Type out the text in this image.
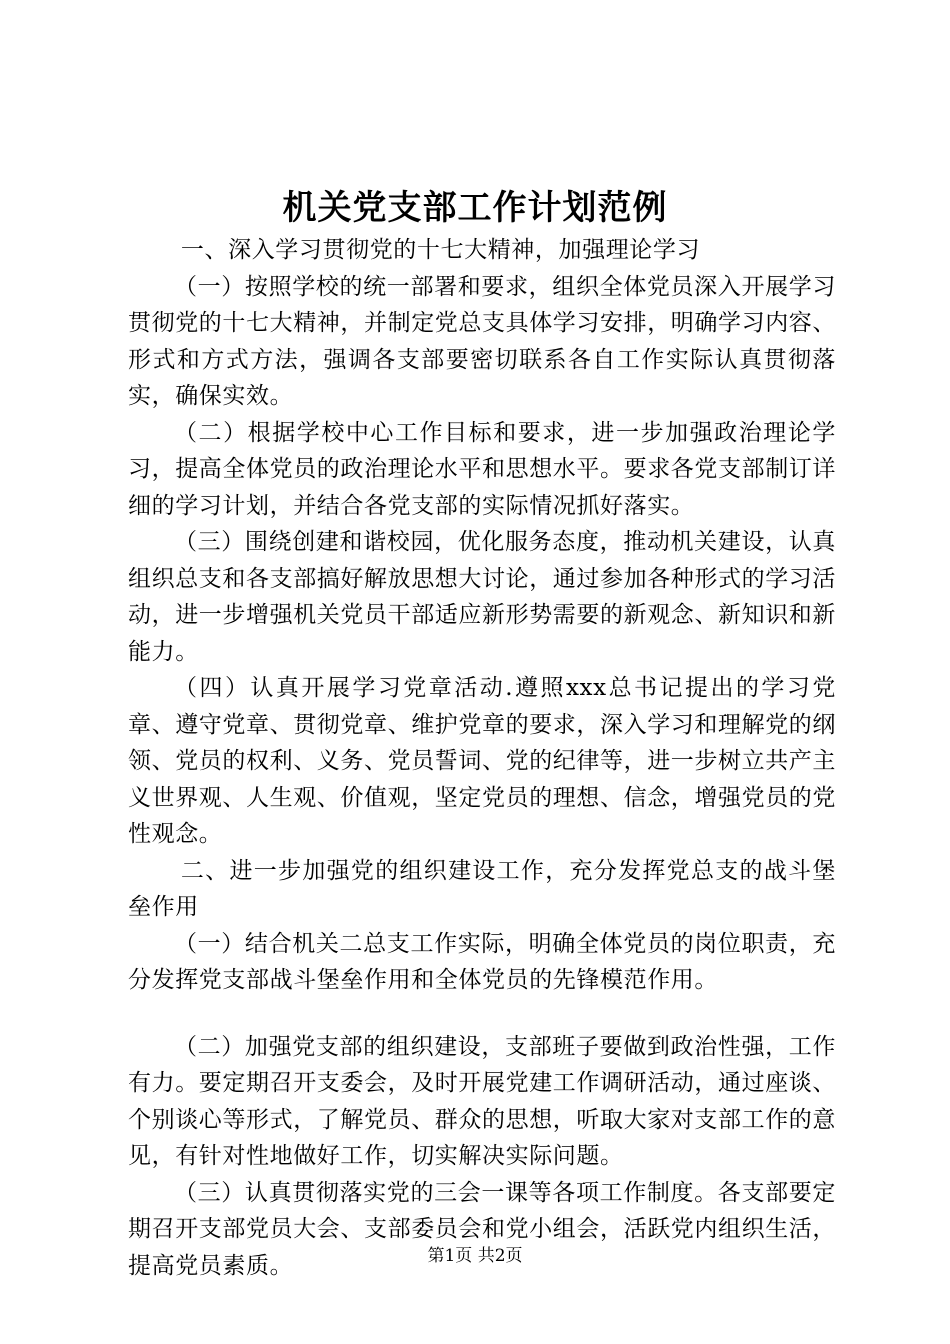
机关党支部工作计划范例

一、深入学习贯彻党的十七大精神，加强理论学习

（一）按照学校的统一部署和要求，组织全体党员深入开展学习贯彻党的十七大精神，并制定党总支具体学习安排，明确学习内容、形式和方式方法，强调各支部要密切联系各自工作实际认真贯彻落实，确保实效。

（二）根据学校中心工作目标和要求，进一步加强政治理论学习，提高全体党员的政治理论水平和思想水平。要求各党支部制订详细的学习计划，并结合各党支部的实际情况抓好落实。

（三）围绕创建和谐校园，优化服务态度，推动机关建设，认真组织总支和各支部搞好解放思想大讨论，通过参加各种形式的学习活动，进一步增强机关党员干部适应新形势需要的新观念、新知识和新能力。

（四）认真开展学习党章活动.遵照xxx总书记提出的学习党章、遵守党章、贯彻党章、维护党章的要求，深入学习和理解党的纲领、党员的权利、义务、党员誓词、党的纪律等，进一步树立共产主义世界观、人生观、价值观，坚定党员的理想、信念，增强党员的党性观念。

二、进一步加强党的组织建设工作，充分发挥党总支的战斗堡垒作用

（一）结合机关二总支工作实际，明确全体党员的岗位职责，充分发挥党支部战斗堡垒作用和全体党员的先锋模范作用。

（二）加强党支部的组织建设，支部班子要做到政治性强，工作有力。要定期召开支委会，及时开展党建工作调研活动，通过座谈、个别谈心等形式，了解党员、群众的思想，听取大家对支部工作的意见，有针对性地做好工作，切实解决实际问题。

（三）认真贯彻落实党的三会一课等各项工作制度。各支部要定期召开支部党员大会、支部委员会和党小组会，活跃党内组织生活，提高党员素质。	第1页 共2页
